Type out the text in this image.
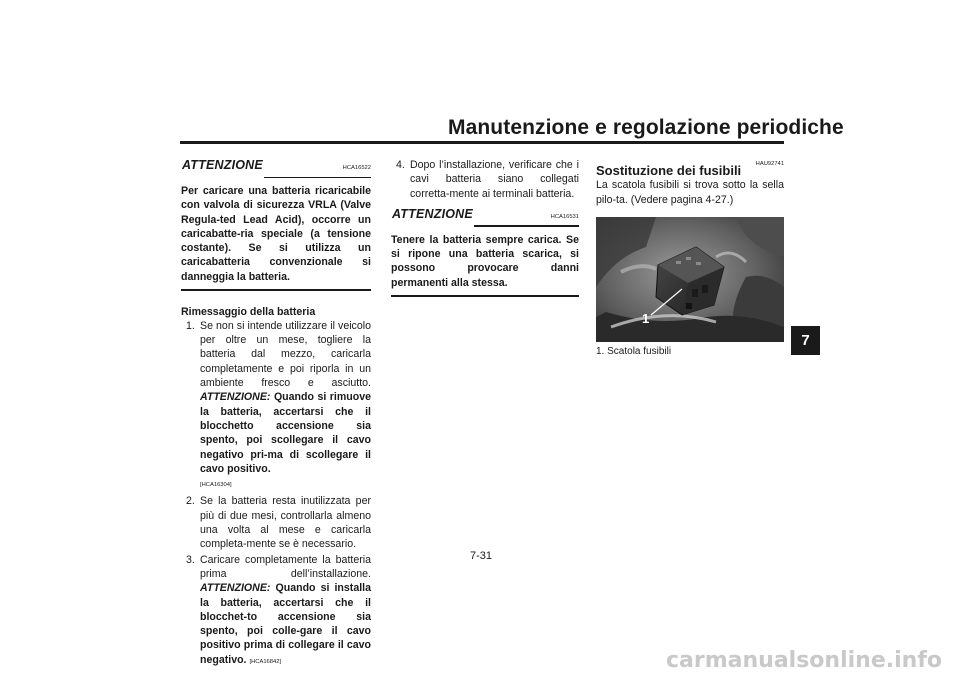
Manutenzione e regolazione periodiche
7
ATTENZIONE	HCA16522
Per caricare una batteria ricaricabile con valvola di sicurezza VRLA (Valve Regula-ted Lead Acid), occorre un caricabatte-ria speciale (a tensione costante). Se si utilizza un caricabatteria convenzionale si danneggia la batteria.
Rimessaggio della batteria
1. Se non si intende utilizzare il veicolo per oltre un mese, togliere la batteria dal mezzo, caricarla completamente e poi riporla in un ambiente fresco e asciutto. ATTENZIONE: Quando si rimuove la batteria, accertarsi che il blocchetto accensione sia spento, poi scollegare il cavo negativo pri-ma di scollegare il cavo positivo.
[HCA16304]
2. Se la batteria resta inutilizzata per più di due mesi, controllarla almeno una volta al mese e caricarla completa-mente se è necessario.
3. Caricare completamente la batteria prima dell’installazione. ATTENZIONE: Quando si installa la batteria, accertarsi che il blocchet-to accensione sia spento, poi colle-gare il cavo positivo prima di collegare il cavo negativo. [HCA16842]
4. Dopo l’installazione, verificare che i cavi batteria siano collegati corretta-mente ai terminali batteria.
ATTENZIONE	HCA16531
Tenere la batteria sempre carica. Se si ripone una batteria scarica, si possono provocare danni permanenti alla stessa.
HAU92741
Sostituzione dei fusibili
La scatola fusibili si trova sotto la sella pilo-ta. (Vedere pagina 4-27.)
1
1. Scatola fusibili
7-31
carmanualsonline.info
